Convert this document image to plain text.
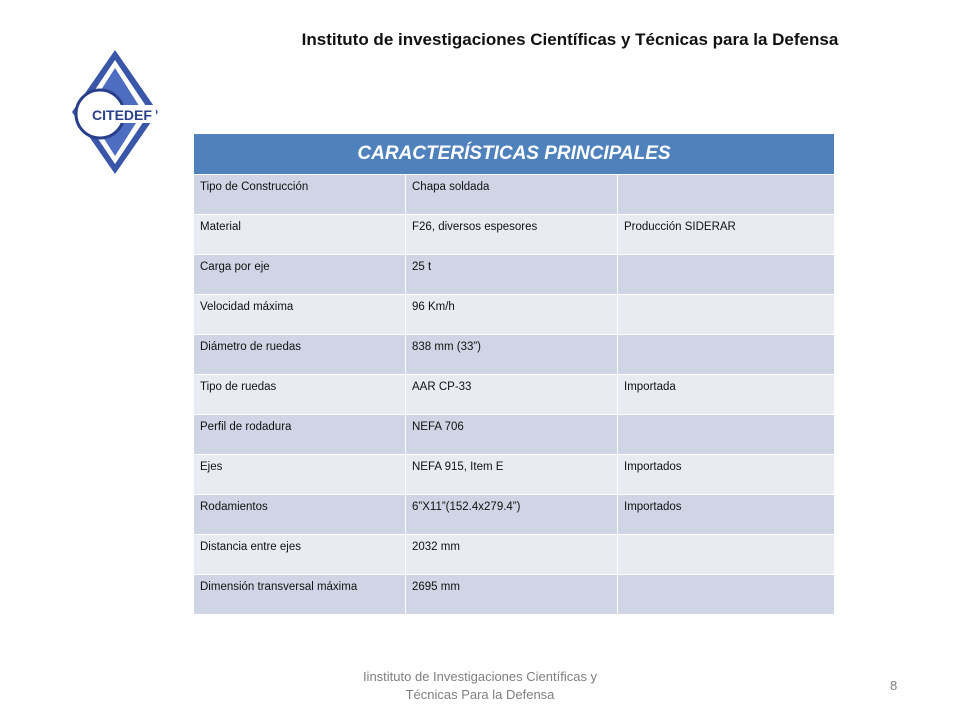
Instituto de investigaciones Científicas y Técnicas para la Defensa
CITEDEF
CARACTERÍSTICAS PRINCIPALES
Tipo de Construcción	Chapa soldada
Material	F26, diversos espesores	Producción SIDERAR
Carga por eje	25 t
Velocidad máxima	96 Km/h
Diámetro de ruedas	838 mm (33”)
Tipo de ruedas	AAR CP-33	Importada
Perfil de rodadura	NEFA 706
Ejes	NEFA 915, Item E	Importados
Rodamientos	6”X11”(152.4x279.4”)	Importados
Distancia entre ejes	2032 mm
Dimensión transversal máxima	2695 mm
Iinstituto de Investigaciones Científicas y
Técnicas Para la Defensa
8
